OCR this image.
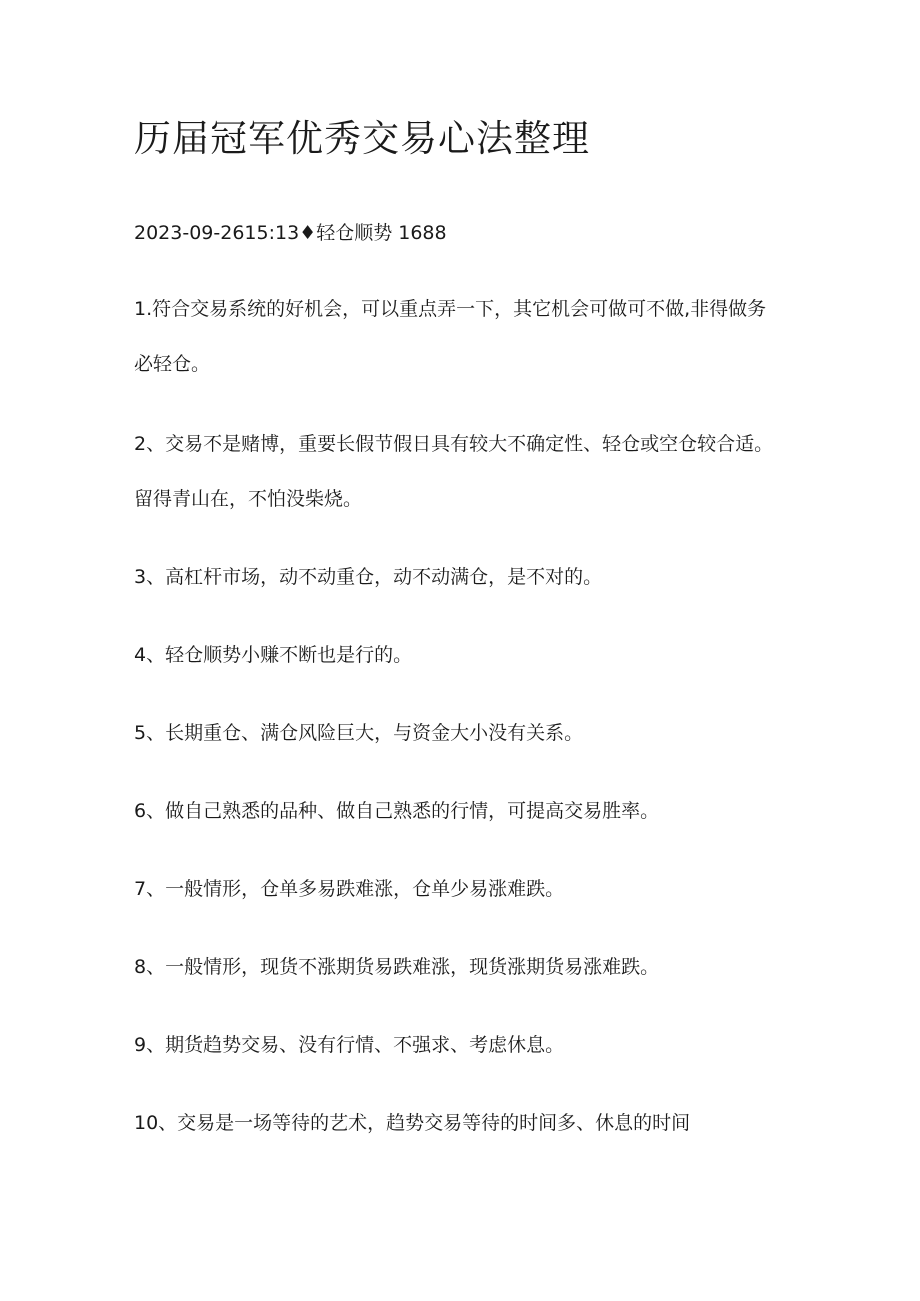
历届冠军优秀交易心法整理
2023-09-2615:13♦轻仓顺势 1688

1.符合交易系统的好机会，可以重点弄一下，其它机会可做可不做,非得做务必轻仓。

2、交易不是赌博，重要长假节假日具有较大不确定性、轻仓或空仓较合适。留得青山在，不怕没柴烧。

3、高杠杆市场，动不动重仓，动不动满仓，是不对的。

4、轻仓顺势小赚不断也是行的。

5、长期重仓、满仓风险巨大，与资金大小没有关系。

6、做自己熟悉的品种、做自己熟悉的行情，可提高交易胜率。

7、一般情形，仓单多易跌难涨，仓单少易涨难跌。

8、一般情形，现货不涨期货易跌难涨，现货涨期货易涨难跌。

9、期货趋势交易、没有行情、不强求、考虑休息。

10、交易是一场等待的艺术，趋势交易等待的时间多、休息的时间
